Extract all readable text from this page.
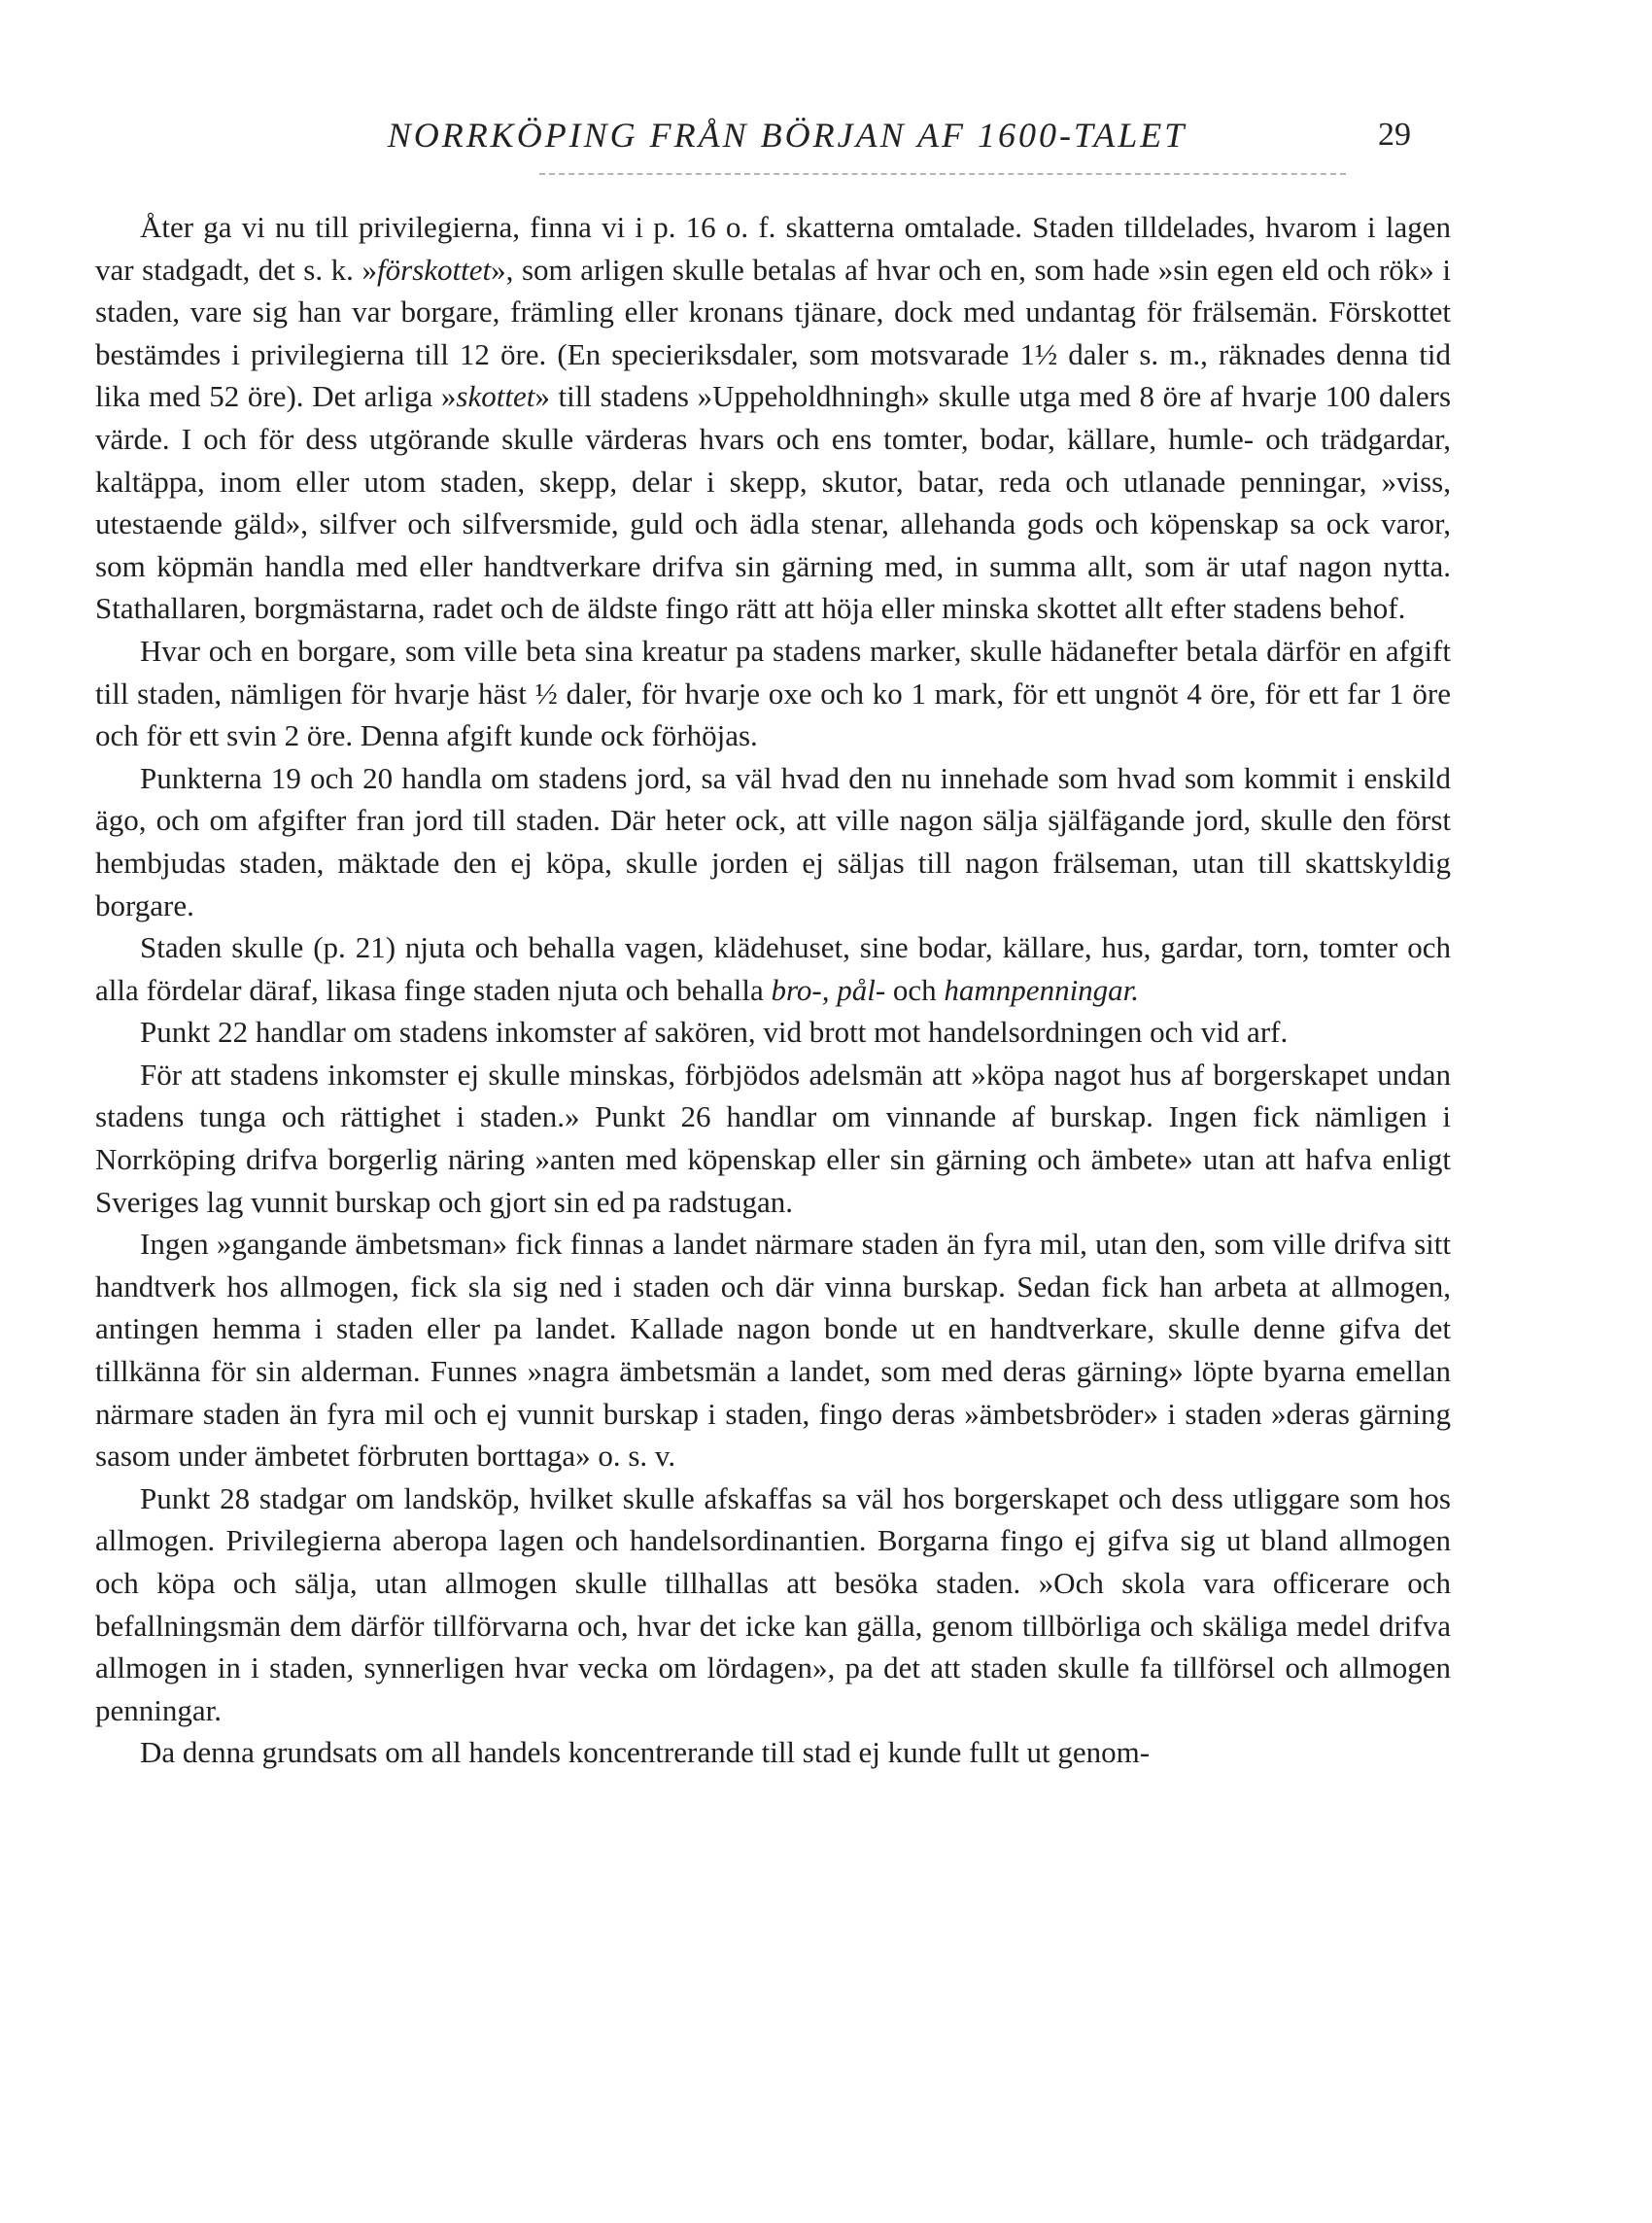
NORRKÖPING FRÅN BÖRJAN AF 1600-TALET	29

Åter ga vi nu till privilegierna, finna vi i p. 16 o. f. skatterna omtalade. Staden tilldelades, hvarom i lagen var stadgadt, det s. k. »förskottet», som arligen skulle betalas af hvar och en, som hade »sin egen eld och rök» i staden, vare sig han var borgare, främling eller kronans tjänare, dock med undantag för frälsemän. Förskottet bestämdes i privilegierna till 12 öre. (En specieriksdaler, som motsvarade 1½ daler s. m., räknades denna tid lika med 52 öre). Det arliga »skottet» till stadens »Uppeholdhningh» skulle utga med 8 öre af hvarje 100 dalers värde. I och för dess utgörande skulle värderas hvars och ens tomter, bodar, källare, humle- och trädgardar, kaltäppa, inom eller utom staden, skepp, delar i skepp, skutor, batar, reda och utlanade penningar, »viss, utestaende gäld», silfver och silfversmide, guld och ädla stenar, allehanda gods och köpenskap sa ock varor, som köpmän handla med eller handtverkare drifva sin gärning med, in summa allt, som är utaf nagon nytta. Stathallaren, borgmästarna, radet och de äldste fingo rätt att höja eller minska skottet allt efter stadens behof.

Hvar och en borgare, som ville beta sina kreatur pa stadens marker, skulle hädanefter betala därför en afgift till staden, nämligen för hvarje häst ½ daler, för hvarje oxe och ko 1 mark, för ett ungnöt 4 öre, för ett far 1 öre och för ett svin 2 öre. Denna afgift kunde ock förhöjas.

Punkterna 19 och 20 handla om stadens jord, sa väl hvad den nu innehade som hvad som kommit i enskild ägo, och om afgifter fran jord till staden. Där heter ock, att ville nagon sälja själfägande jord, skulle den först hembjudas staden, mäktade den ej köpa, skulle jorden ej säljas till nagon frälseman, utan till skattskyldig borgare.

Staden skulle (p. 21) njuta och behalla vagen, klädehuset, sine bodar, källare, hus, gardar, torn, tomter och alla fördelar däraf, likasa finge staden njuta och behalla bro-, pål- och hamnpenningar.

Punkt 22 handlar om stadens inkomster af sakören, vid brott mot handelsordningen och vid arf.

För att stadens inkomster ej skulle minskas, förbjödos adelsmän att »köpa nagot hus af borgerskapet undan stadens tunga och rättighet i staden.» Punkt 26 handlar om vinnande af burskap. Ingen fick nämligen i Norrköping drifva borgerlig näring »anten med köpenskap eller sin gärning och ämbete» utan att hafva enligt Sveriges lag vunnit burskap och gjort sin ed pa radstugan.

Ingen »gangande ämbetsman» fick finnas a landet närmare staden än fyra mil, utan den, som ville drifva sitt handtverk hos allmogen, fick sla sig ned i staden och där vinna burskap. Sedan fick han arbeta at allmogen, antingen hemma i staden eller pa landet. Kallade nagon bonde ut en handtverkare, skulle denne gifva det tillkänna för sin alderman. Funnes »nagra ämbetsmän a landet, som med deras gärning» löpte byarna emellan närmare staden än fyra mil och ej vunnit burskap i staden, fingo deras »ämbetsbröder» i staden »deras gärning sasom under ämbetet förbruten borttaga» o. s. v.

Punkt 28 stadgar om landsköp, hvilket skulle afskaffas sa väl hos borgerskapet och dess utliggare som hos allmogen. Privilegierna aberopa lagen och handelsordinantien. Borgarna fingo ej gifva sig ut bland allmogen och köpa och sälja, utan allmogen skulle tillhallas att besöka staden. »Och skola vara officerare och befallningsmän dem därför tillförvarna och, hvar det icke kan gälla, genom tillbörliga och skäliga medel drifva allmogen in i staden, synnerligen hvar vecka om lördagen», pa det att staden skulle fa tillförsel och allmogen penningar.

Da denna grundsats om all handels koncentrerande till stad ej kunde fullt ut genom-
